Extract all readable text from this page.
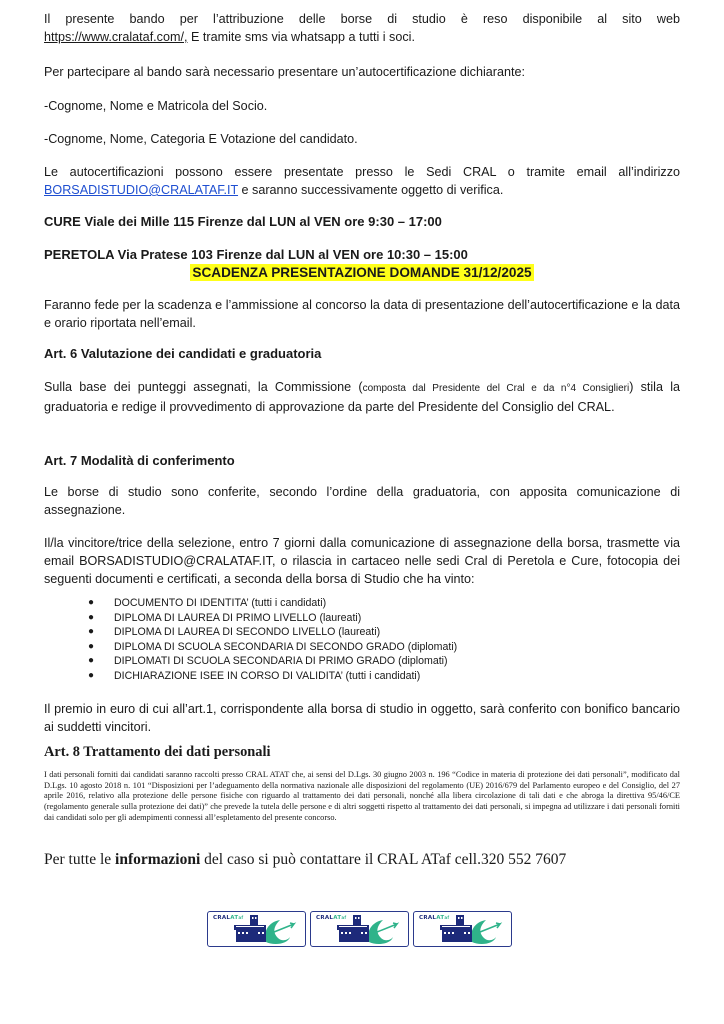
Il presente bando per l’attribuzione delle borse di studio è reso disponibile al sito web
https://www.cralataf.com/, E tramite sms via whatsapp a tutti i soci.

Per partecipare al bando sarà necessario presentare un’autocertificazione dichiarante:

-Cognome, Nome e Matricola del Socio.

-Cognome, Nome, Categoria E Votazione del candidato.

Le autocertificazioni possono essere presentate presso le Sedi CRAL o tramite email all’indirizzo
BORSADISTUDIO@CRALATAF.IT e saranno successivamente oggetto di verifica.

CURE Viale dei Mille 115 Firenze dal LUN al VEN ore 9:30 – 17:00

PERETOLA Via Pratese 103 Firenze dal LUN al VEN ore 10:30 – 15:00

SCADENZA PRESENTAZIONE DOMANDE 31/12/2025

Faranno fede per la scadenza e l’ammissione al concorso la data di presentazione dell’autocertificazione e la data e orario riportata nell’email.

Art. 6 Valutazione dei candidati e graduatoria

Sulla base dei punteggi assegnati, la Commissione (composta dal Presidente del Cral e da n°4 Consiglieri) stila la graduatoria e redige il provvedimento di approvazione da parte del Presidente del Consiglio del CRAL.

Art. 7 Modalità di conferimento

Le borse di studio sono conferite, secondo l’ordine della graduatoria, con apposita comunicazione di assegnazione.

Il/la vincitore/trice della selezione, entro 7 giorni dalla comunicazione di assegnazione della borsa, trasmette via email BORSADISTUDIO@CRALATAF.IT, o rilascia in cartaceo nelle sedi Cral di Peretola e Cure, fotocopia dei seguenti documenti e certificati, a seconda della borsa di Studio che ha vinto:

● DOCUMENTO DI IDENTITA’ (tutti i candidati)
● DIPLOMA DI LAUREA DI PRIMO LIVELLO (laureati)
● DIPLOMA DI LAUREA DI SECONDO LIVELLO (laureati)
● DIPLOMA DI SCUOLA SECONDARIA DI SECONDO GRADO (diplomati)
● DIPLOMATI DI SCUOLA SECONDARIA DI PRIMO GRADO (diplomati)
● DICHIARAZIONE ISEE IN CORSO DI VALIDITA’ (tutti i candidati)

Il premio in euro di cui all’art.1, corrispondente alla borsa di studio in oggetto, sarà conferito con bonifico bancario ai suddetti vincitori.

Art. 8 Trattamento dei dati personali

I dati personali forniti dai candidati saranno raccolti presso CRAL ATAT che, ai sensi del D.Lgs. 30 giugno 2003 n. 196 “Codice in materia di protezione dei dati personali”, modificato dal D.Lgs. 10 agosto 2018 n. 101 “Disposizioni per l’adeguamento della normativa nazionale alle disposizioni del regolamento (UE) 2016/679 del Parlamento europeo e del Consiglio, del 27 aprile 2016, relativo alla protezione delle persone fisiche con riguardo al trattamento dei dati personali, nonché alla libera circolazione di tali dati e che abroga la direttiva 95/46/CE (regolamento generale sulla protezione dei dati)” che prevede la tutela delle persone e di altri soggetti rispetto al trattamento dei dati personali, si impegna ad utilizzare i dati personali forniti dai candidati solo per gli adempimenti connessi all’espletamento del presente concorso.

Per tutte le informazioni del caso si può contattare il CRAL ATaf cell.320 552 7607
CRALATaf	CRALATaf	CRALATaf
